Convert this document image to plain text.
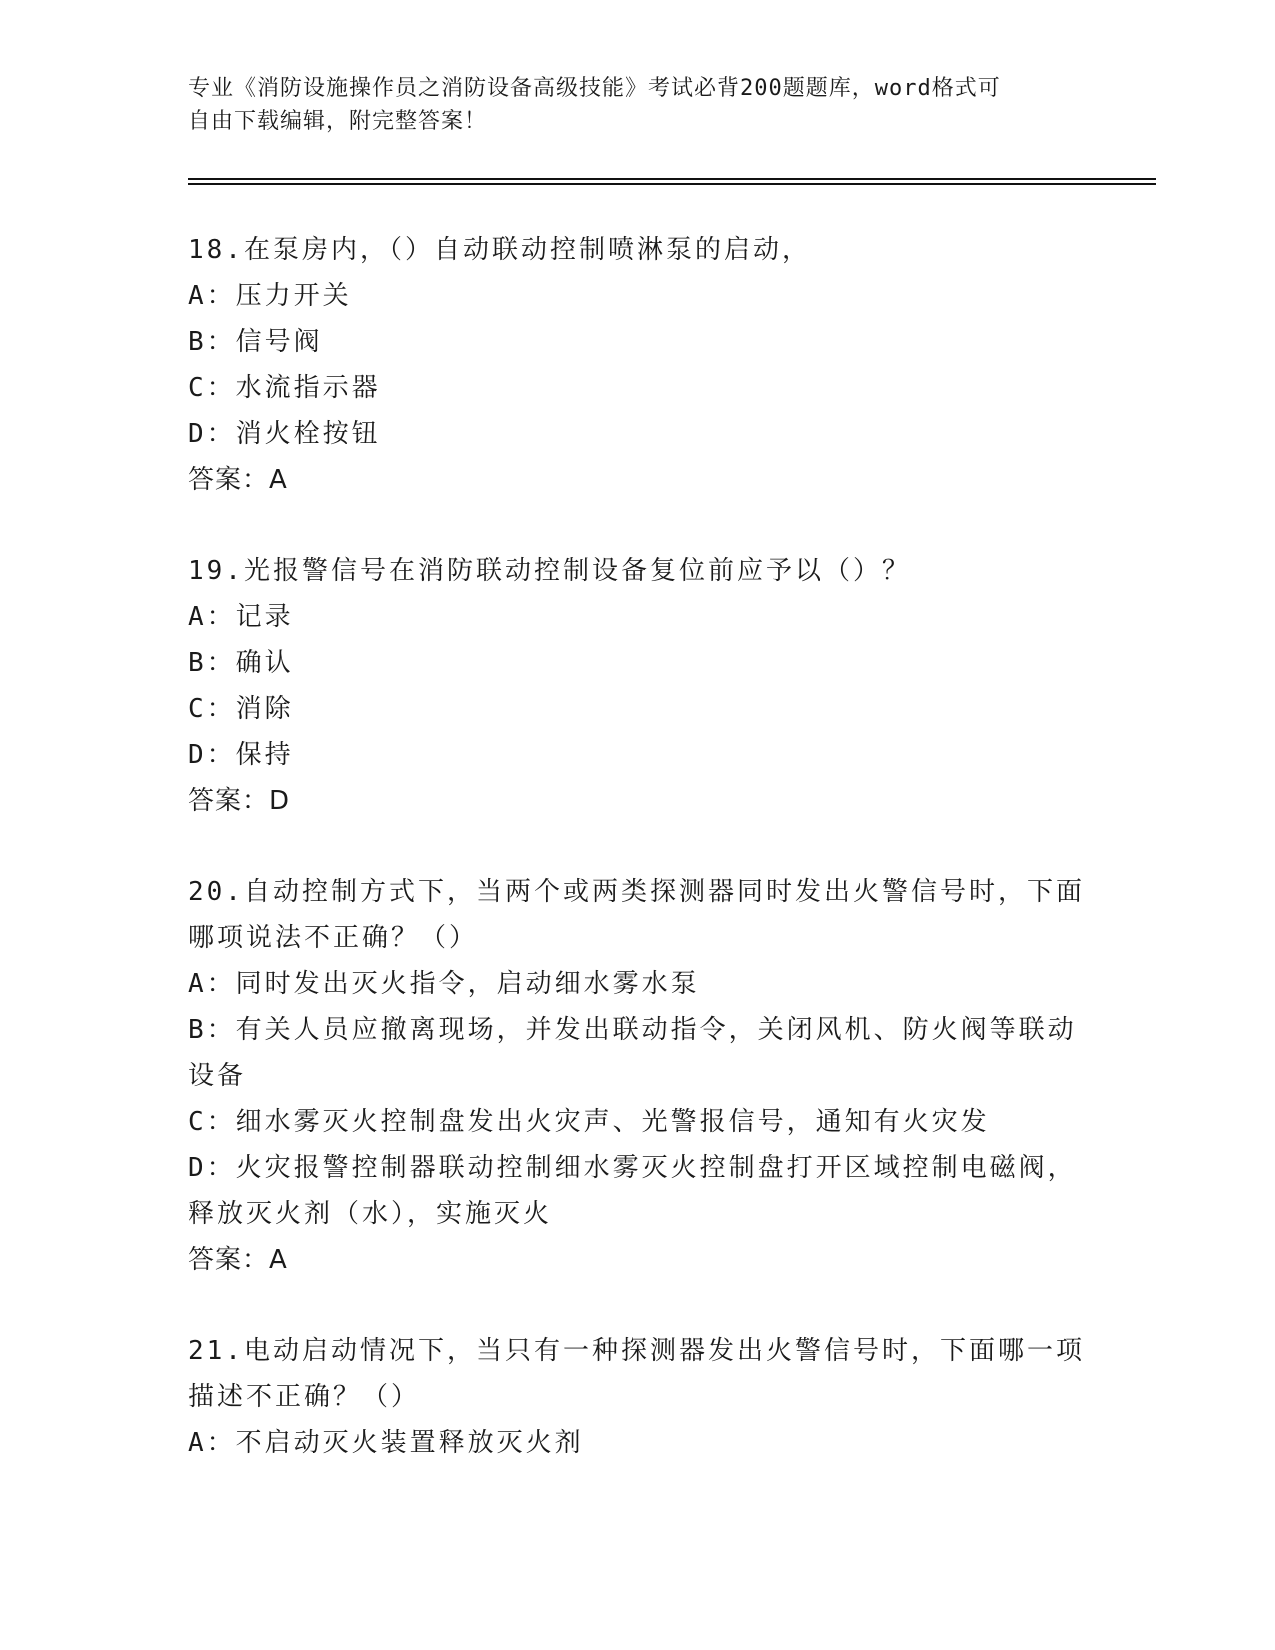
专业《消防设施操作员之消防设备高级技能》考试必背200题题库，word格式可
自由下载编辑，附完整答案！
18.在泵房内，（）自动联动控制喷淋泵的启动，
A：压力开关
B：信号阀
C：水流指示器
D：消火栓按钮
答案：A
19.光报警信号在消防联动控制设备复位前应予以（）？
A：记录
B：确认
C：消除
D：保持
答案：D
20.自动控制方式下，当两个或两类探测器同时发出火警信号时，下面
哪项说法不正确？（）
A：同时发出灭火指令，启动细水雾水泵
B：有关人员应撤离现场，并发出联动指令，关闭风机、防火阀等联动
设备
C：细水雾灭火控制盘发出火灾声、光警报信号，通知有火灾发
D：火灾报警控制器联动控制细水雾灭火控制盘打开区域控制电磁阀，
释放灭火剂（水），实施灭火
答案：A
21.电动启动情况下，当只有一种探测器发出火警信号时，下面哪一项
描述不正确？（）
A：不启动灭火装置释放灭火剂
